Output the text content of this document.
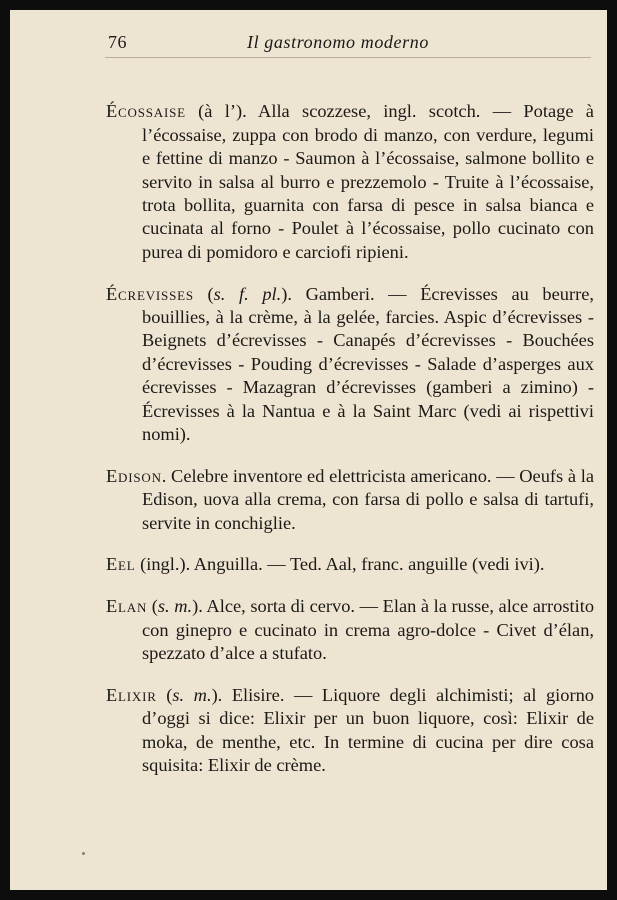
76	Il gastronomo moderno

Écossaise (à l’). Alla scozzese, ingl. scotch. — Potage à l’écossaise, zuppa con brodo di manzo, con verdure, legumi e fettine di manzo - Saumon à l’écossaise, salmone bollito e servito in salsa al burro e prezzemolo - Truite à l’écossaise, trota bollita, guarnita con farsa di pesce in salsa bianca e cucinata al forno - Poulet à l’écossaise, pollo cucinato con purea di pomidoro e carciofi ripieni.

Écrevisses (s. f. pl.). Gamberi. — Écrevisses au beurre, bouillies, à la crème, à la gelée, farcies. Aspic d’écrevisses - Beignets d’écrevisses - Canapés d’écrevisses - Bouchées d’écrevisses - Pouding d’écrevisses - Salade d’asperges aux écrevisses - Mazagran d’écrevisses (gamberi a zimino) - Écrevisses à la Nantua e à la Saint Marc (vedi ai rispettivi nomi).

Edison. Celebre inventore ed elettricista americano. — Oeufs à la Edison, uova alla crema, con farsa di pollo e salsa di tartufi, servite in conchiglie.

Eel (ingl.). Anguilla. — Ted. Aal, franc. anguille (vedi ivi).

Elan (s. m.). Alce, sorta di cervo. — Elan à la russe, alce arrostito con ginepro e cucinato in crema agro-dolce - Civet d’élan, spezzato d’alce a stufato.

Elixir (s. m.). Elisire. — Liquore degli alchimisti; al giorno d’oggi si dice: Elixir per un buon liquore, così: Elixir de moka, de menthe, etc. In termine di cucina per dire cosa squisita: Elixir de crème.
